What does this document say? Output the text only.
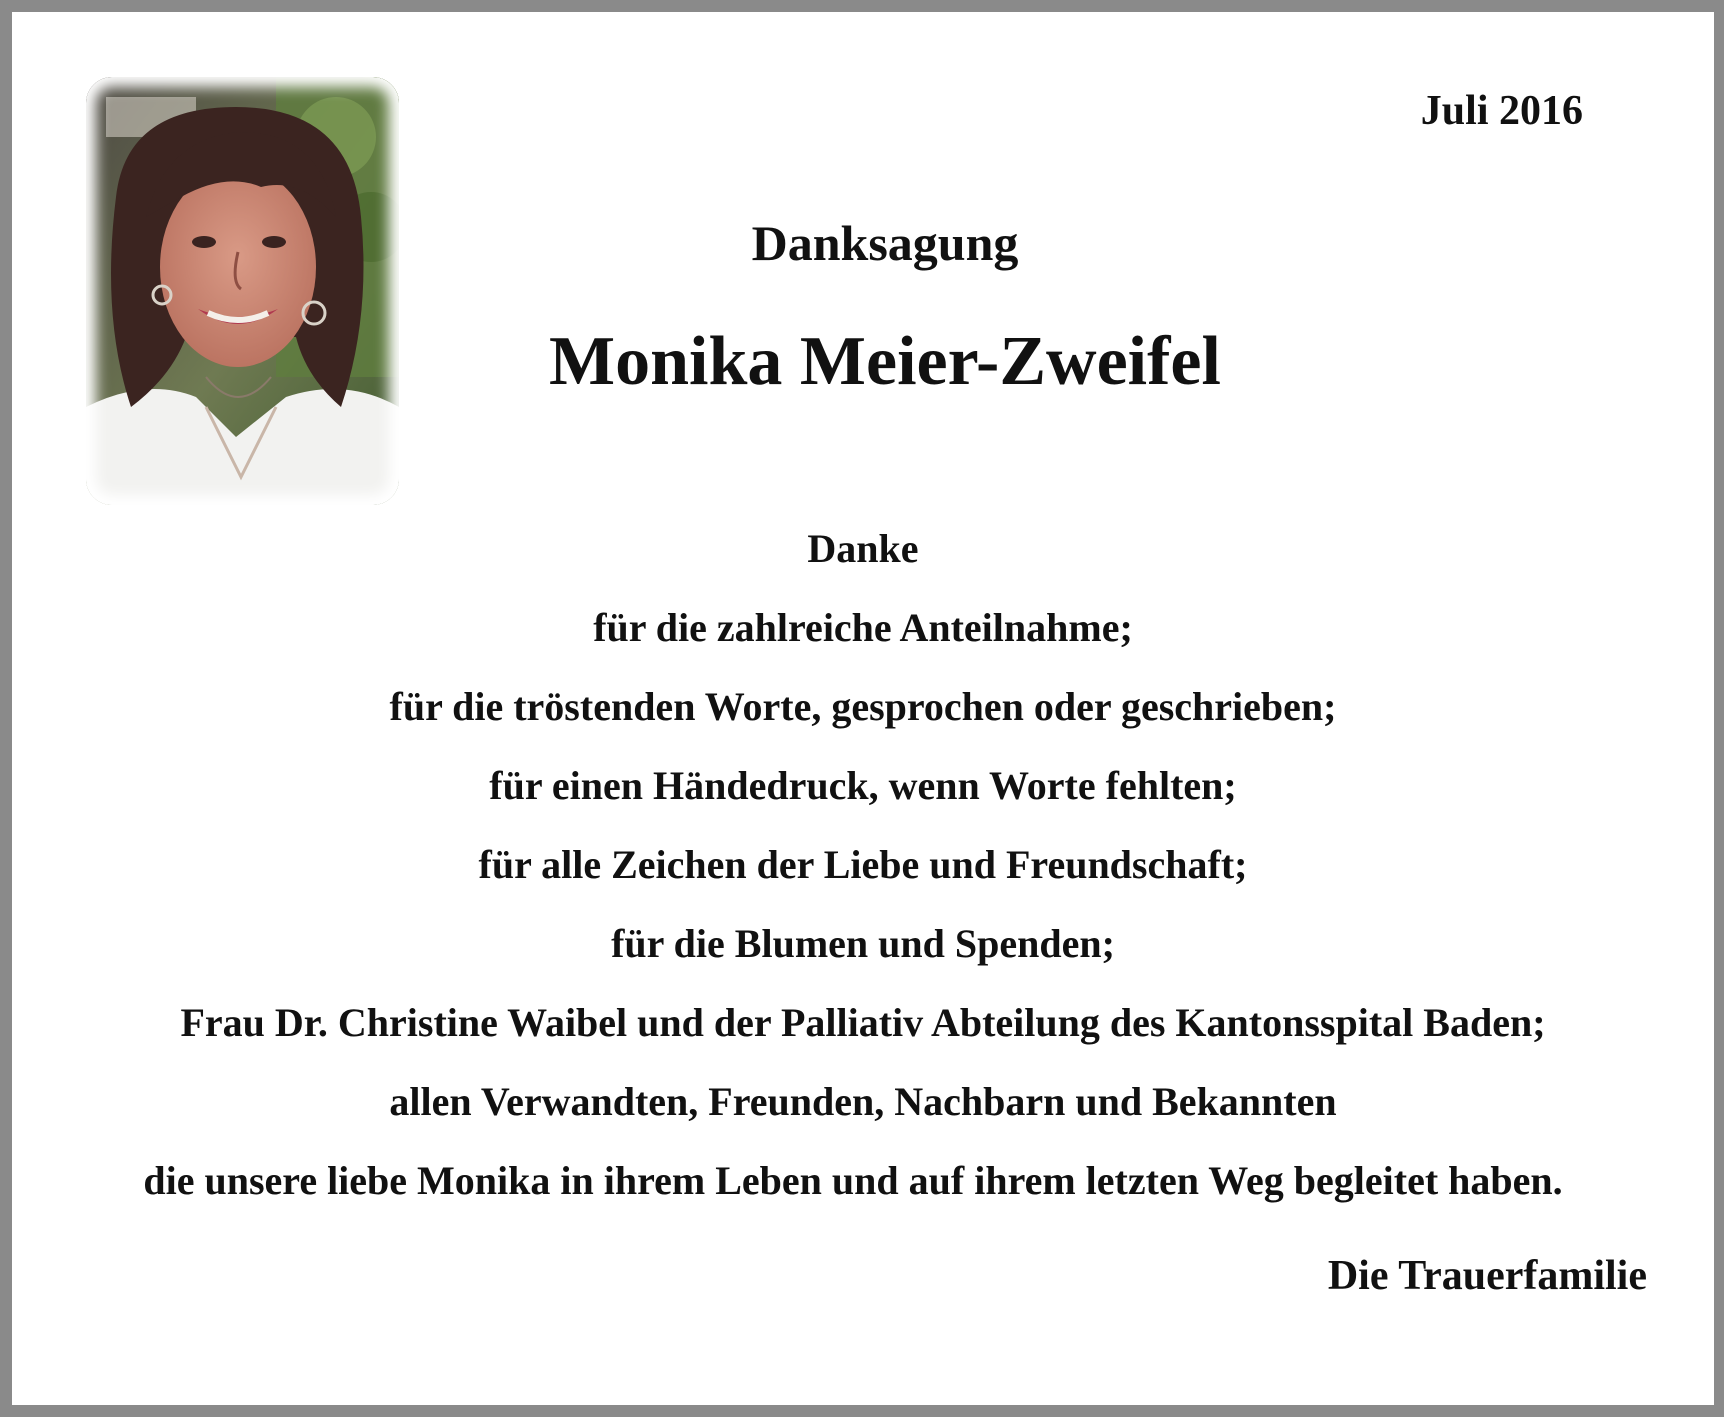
Juli 2016
Danksagung
Monika Meier-Zweifel
Danke
für die zahlreiche Anteilnahme;
für die tröstenden Worte, gesprochen oder geschrieben;
für einen Händedruck, wenn Worte fehlten;
für alle Zeichen der Liebe und Freundschaft;
für die Blumen und Spenden;
Frau Dr. Christine Waibel und der Palliativ Abteilung des Kantonsspital Baden;
allen Verwandten, Freunden, Nachbarn und Bekannten
die unsere liebe Monika in ihrem Leben und auf ihrem letzten Weg begleitet haben.
Die Trauerfamilie
